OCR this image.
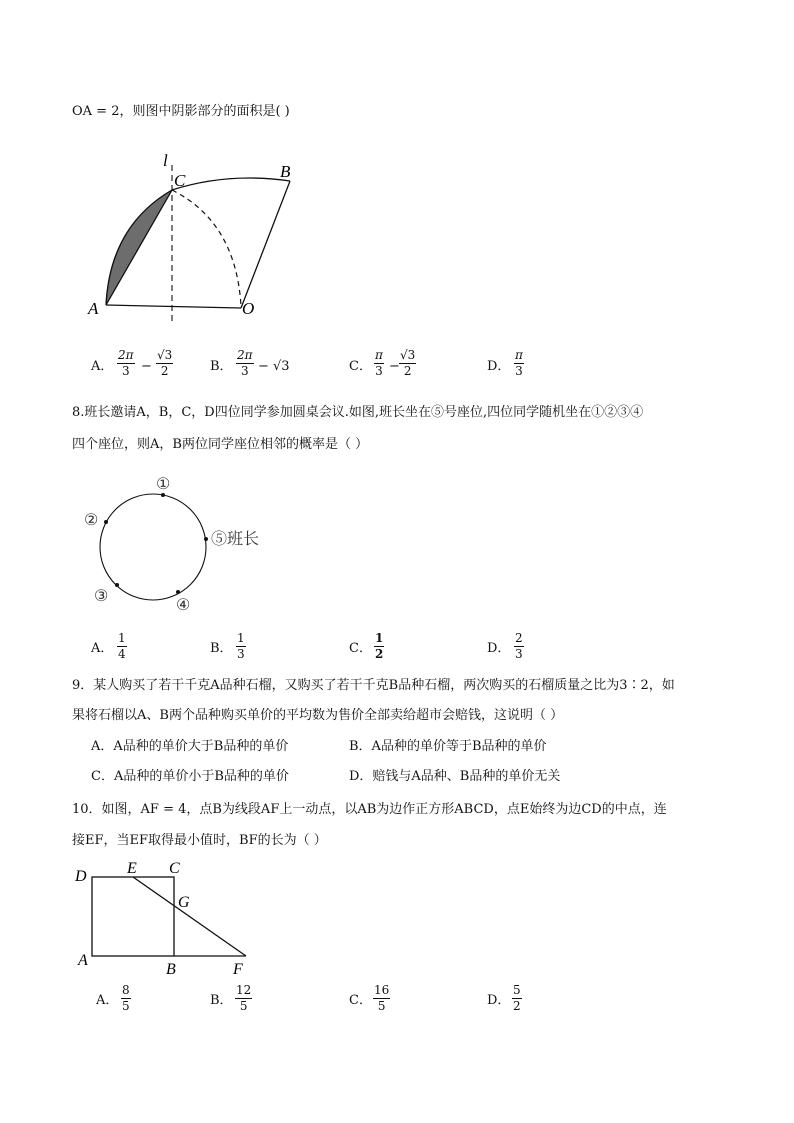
OA = 2，则图中阴影部分的面积是( )
l
C	B
A	O
A． $\frac{2\pi}{3} - \frac{√3}{2}$	B． $\frac{2\pi}{3} - √3$	C． $\frac{\pi}{3} - \frac{√3}{2}$	D． $\frac{\pi}{3}$
8.班长邀请A，B，C，D四位同学参加圆桌会议.如图,班长坐在⑤号座位,四位同学随机坐在①②③④
四个座位，则A，B两位同学座位相邻的概率是（ ）
①
②
③
④
⑤班长
A． $\frac{1}{4}$	B． $\frac{1}{3}$	C． $\frac{1}{2}$	D． $\frac{2}{3}$
9．某人购买了若干千克A品种石榴，又购买了若干千克B品种石榴，两次购买的石榴质量之比为3∶2，如
果将石榴以A、B两个品种购买单价的平均数为售价全部卖给超市会赔钱，这说明（ ）
A．A品种的单价大于B品种的单价	B．A品种的单价等于B品种的单价
C．A品种的单价小于B品种的单价	D．赔钱与A品种、B品种的单价无关
10．如图，AF = 4，点B为线段AF上一动点，以AB为边作正方形ABCD，点E始终为边CD的中点，连
接EF，当EF取得最小值时，BF的长为（ ）
D	E C
G
A
B	F
A． $\frac{8}{5}$	B． $\frac{12}{5}$	C． $\frac{16}{5}$	D． $\frac{5}{2}$
